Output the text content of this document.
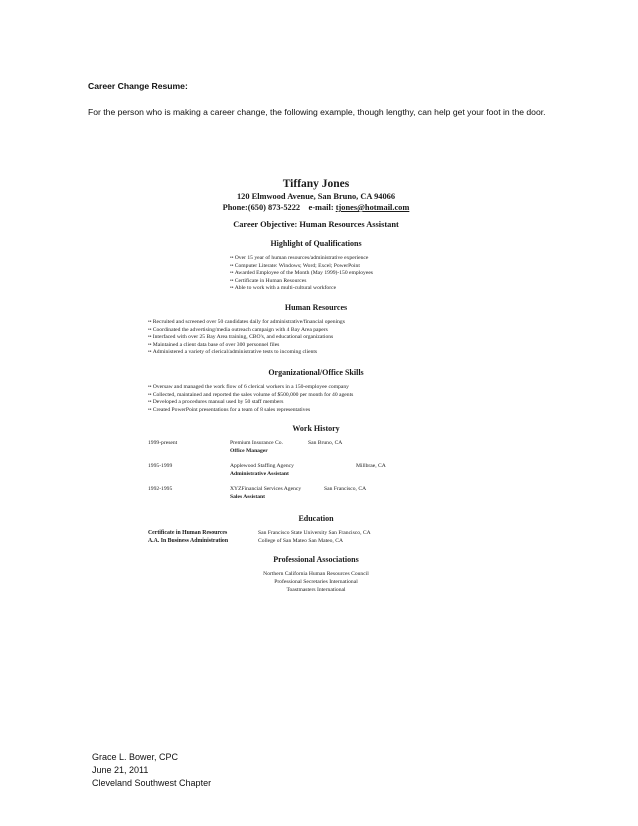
Career Change Resume:
For the person who is making a career change, the following example, though lengthy, can help get your foot in the door.
Tiffany Jones
120 Elmwood Avenue, San Bruno, CA 94066
Phone:(650) 873-5222 e-mail: tjones@hotmail.com
Career Objective: Human Resources Assistant
Highlight of Qualifications
•• Over 15 year of human resources/administrative experience
•• Computer Literate: Windows; Word; Excel; PowerPoint
•• Awarded Employee of the Month (May 1999)-150 employees
•• Certificate in Human Resources
•• Able to work with a multi-cultural workforce
Human Resources
•• Recruited and screened over 50 candidates daily for administrative/financial openings
•• Coordinated the advertising/media outreach campaign with 4 Bay Area papers
•• Interfaced with over 25 Bay Area training, CBO's, and educational organizations
•• Maintained a client data base of over 300 personnel files
•• Administered a variety of clerical/administrative tests to incoming clients
Organizational/Office Skills
•• Oversaw and managed the work flow of 6 clerical workers in a 150-employee company
•• Collected, maintained and reported the sales volume of $500,000 per month for 40 agents
•• Developed a procedures manual used by 50 staff members
•• Created PowerPoint presentations for a team of 8 sales representatives
Work History
1999-present	Premium Insurance Co.	San Bruno, CA
Office Manager
1995-1999	Applewood Staffing Agency	Millbrae, CA
Administrative Assistant
1992-1995	XYZFinancial Services Agency	San Francisco, CA
Sales Assistant
Education
Certificate in Human Resources	San Francisco State University San Francisco, CA
A.A. In Business Administration	College of San Mateo San Mateo, CA
Professional Associations
Northern California Human Resources Council
Professional Secretaries International
Toastmasters International
Grace L. Bower, CPC
June 21, 2011
Cleveland Southwest Chapter
